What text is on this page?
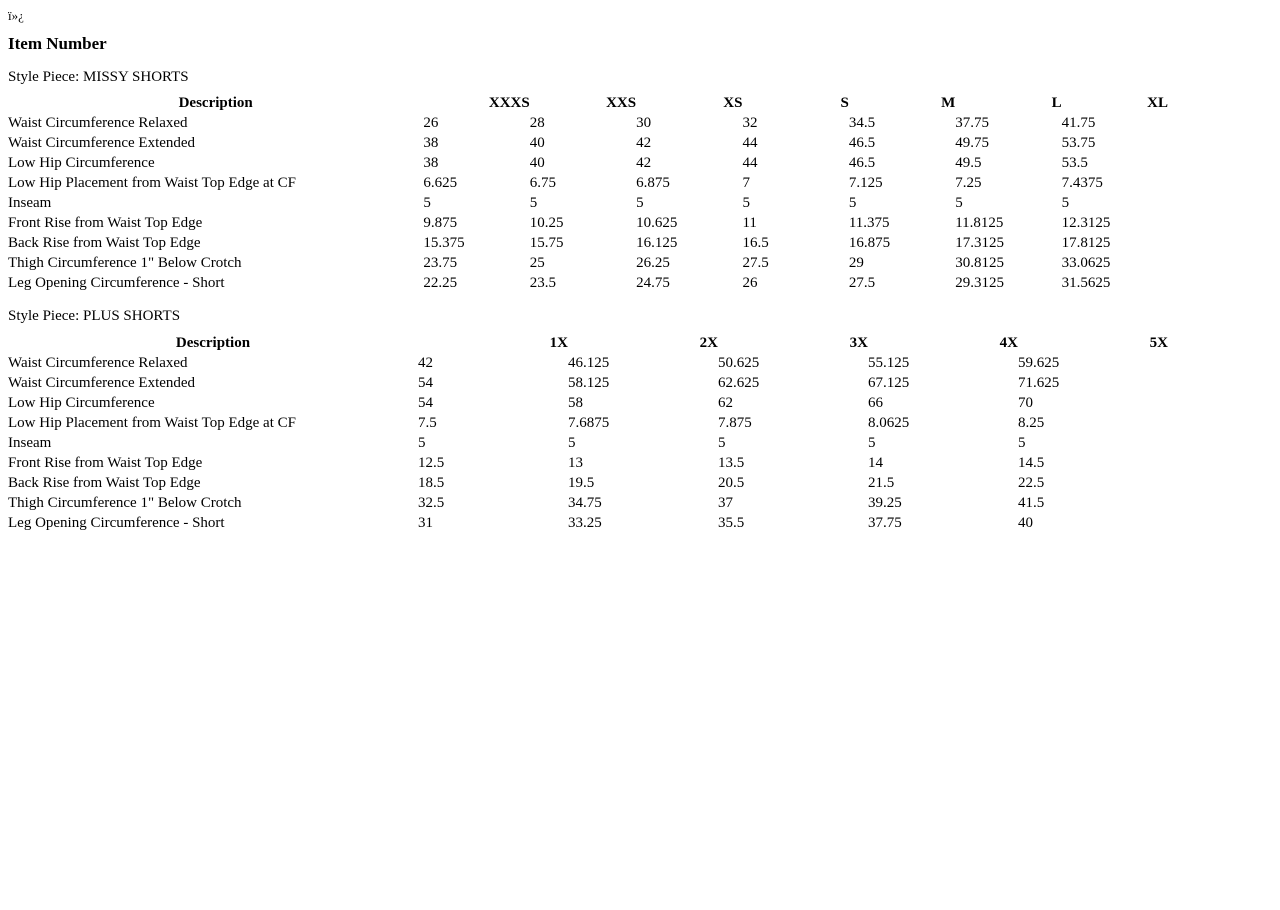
ï»¿
Item Number

Style Piece: MISSY SHORTS

Description	XXXS	XXS	XS	S	M	L	XL
Waist Circumference Relaxed	26	28	30	32	34.5	37.75	41.75
Waist Circumference Extended	38	40	42	44	46.5	49.75	53.75
Low Hip Circumference	38	40	42	44	46.5	49.5	53.5
Low Hip Placement from Waist Top Edge at CF	6.625	6.75	6.875	7	7.125	7.25	7.4375
Inseam	5	5	5	5	5	5	5
Front Rise from Waist Top Edge	9.875	10.25	10.625	11	11.375	11.8125	12.3125
Back Rise from Waist Top Edge	15.375	15.75	16.125	16.5	16.875	17.3125	17.8125
Thigh Circumference 1" Below Crotch	23.75	25	26.25	27.5	29	30.8125	33.0625
Leg Opening Circumference - Short	22.25	23.5	24.75	26	27.5	29.3125	31.5625

Style Piece: PLUS SHORTS

Description	1X	2X	3X	4X	5X
Waist Circumference Relaxed	42	46.125	50.625	55.125	59.625
Waist Circumference Extended	54	58.125	62.625	67.125	71.625
Low Hip Circumference	54	58	62	66	70
Low Hip Placement from Waist Top Edge at CF	7.5	7.6875	7.875	8.0625	8.25
Inseam	5	5	5	5	5
Front Rise from Waist Top Edge	12.5	13	13.5	14	14.5
Back Rise from Waist Top Edge	18.5	19.5	20.5	21.5	22.5
Thigh Circumference 1" Below Crotch	32.5	34.75	37	39.25	41.5
Leg Opening Circumference - Short	31	33.25	35.5	37.75	40
